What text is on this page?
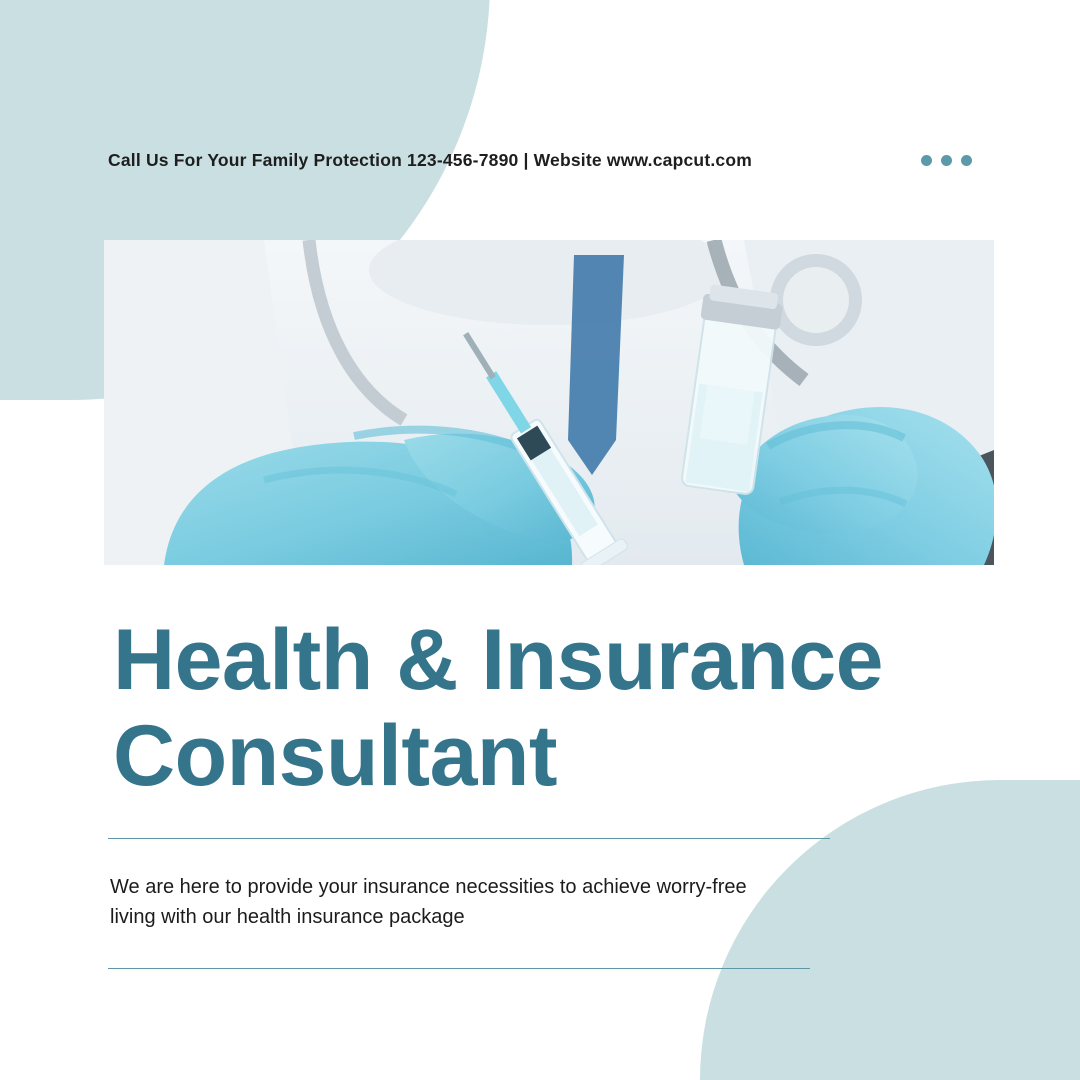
Call Us For Your Family Protection 123-456-7890 | Website www.capcut.com
Health & Insurance
Consultant
We are here to provide your insurance necessities to achieve worry-free living with our health insurance package
